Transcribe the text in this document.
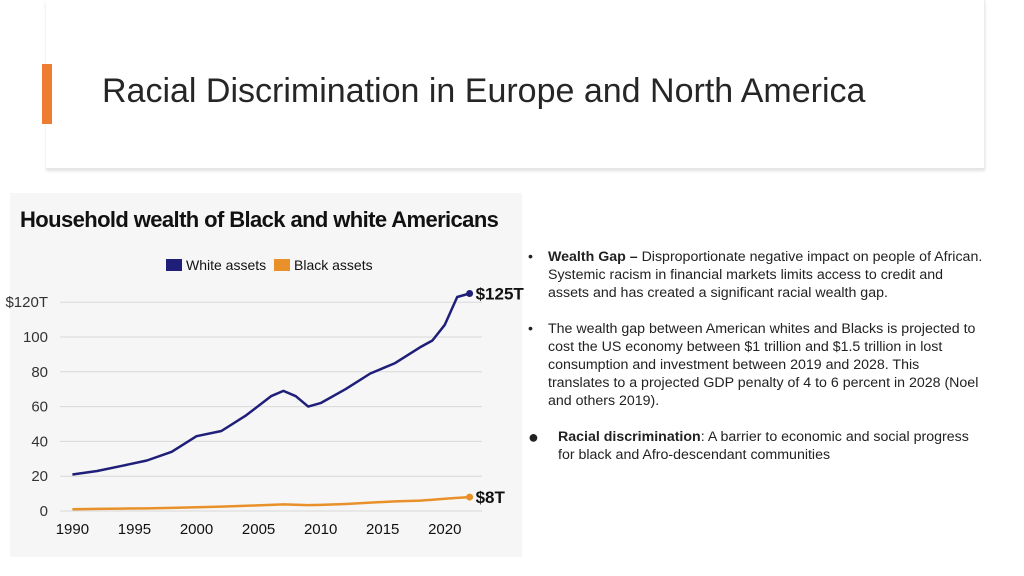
Racial Discrimination in Europe and North America
Household wealth of Black and white Americans
White assets Black assets
0
20
40
60
80
100
$120T
1990 1995 2000 2005 2010 2015 2020
$125T
$8T
• Wealth Gap – Disproportionate negative impact on people of African. Systemic racism in financial markets limits access to credit and assets and has created a significant racial wealth gap.
• The wealth gap between American whites and Blacks is projected to cost the US economy between $1 trillion and $1.5 trillion in lost consumption and investment between 2019 and 2028. This translates to a projected GDP penalty of 4 to 6 percent in 2028 (Noel and others 2019).
● Racial discrimination: A barrier to economic and social progress for black and Afro-descendant communities
